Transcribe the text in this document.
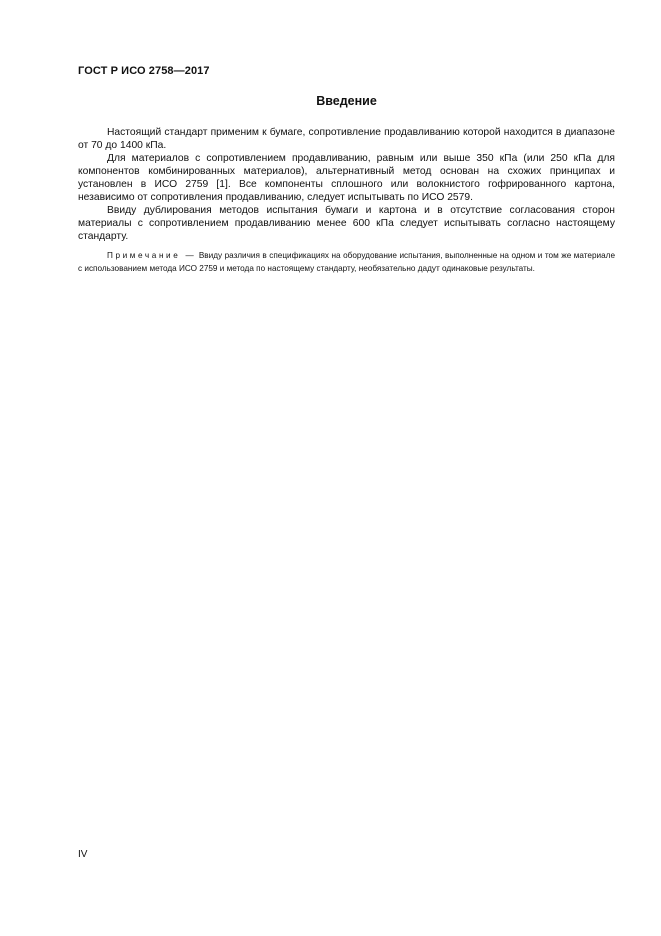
ГОСТ Р ИСО 2758—2017
Введение

Настоящий стандарт применим к бумаге, сопротивление продавливанию которой находится в диапазоне от 70 до 1400 кПа.

Для материалов с сопротивлением продавливанию, равным или выше 350 кПа (или 250 кПа для компонентов комбинированных материалов), альтернативный метод основан на схожих принципах и установлен в ИСО 2759 [1]. Все компоненты сплошного или волокнистого гофрированного картона, независимо от сопротивления продавливанию, следует испытывать по ИСО 2579.

Ввиду дублирования методов испытания бумаги и картона и в отсутствие согласования сторон материалы с сопротивлением продавливанию менее 600 кПа следует испытывать согласно настоящему стандарту.

Примечание — Ввиду различия в спецификациях на оборудование испытания, выполненные на одном и том же материале с использованием метода ИСО 2759 и метода по настоящему стандарту, необязательно дадут одинаковые результаты.

IV
